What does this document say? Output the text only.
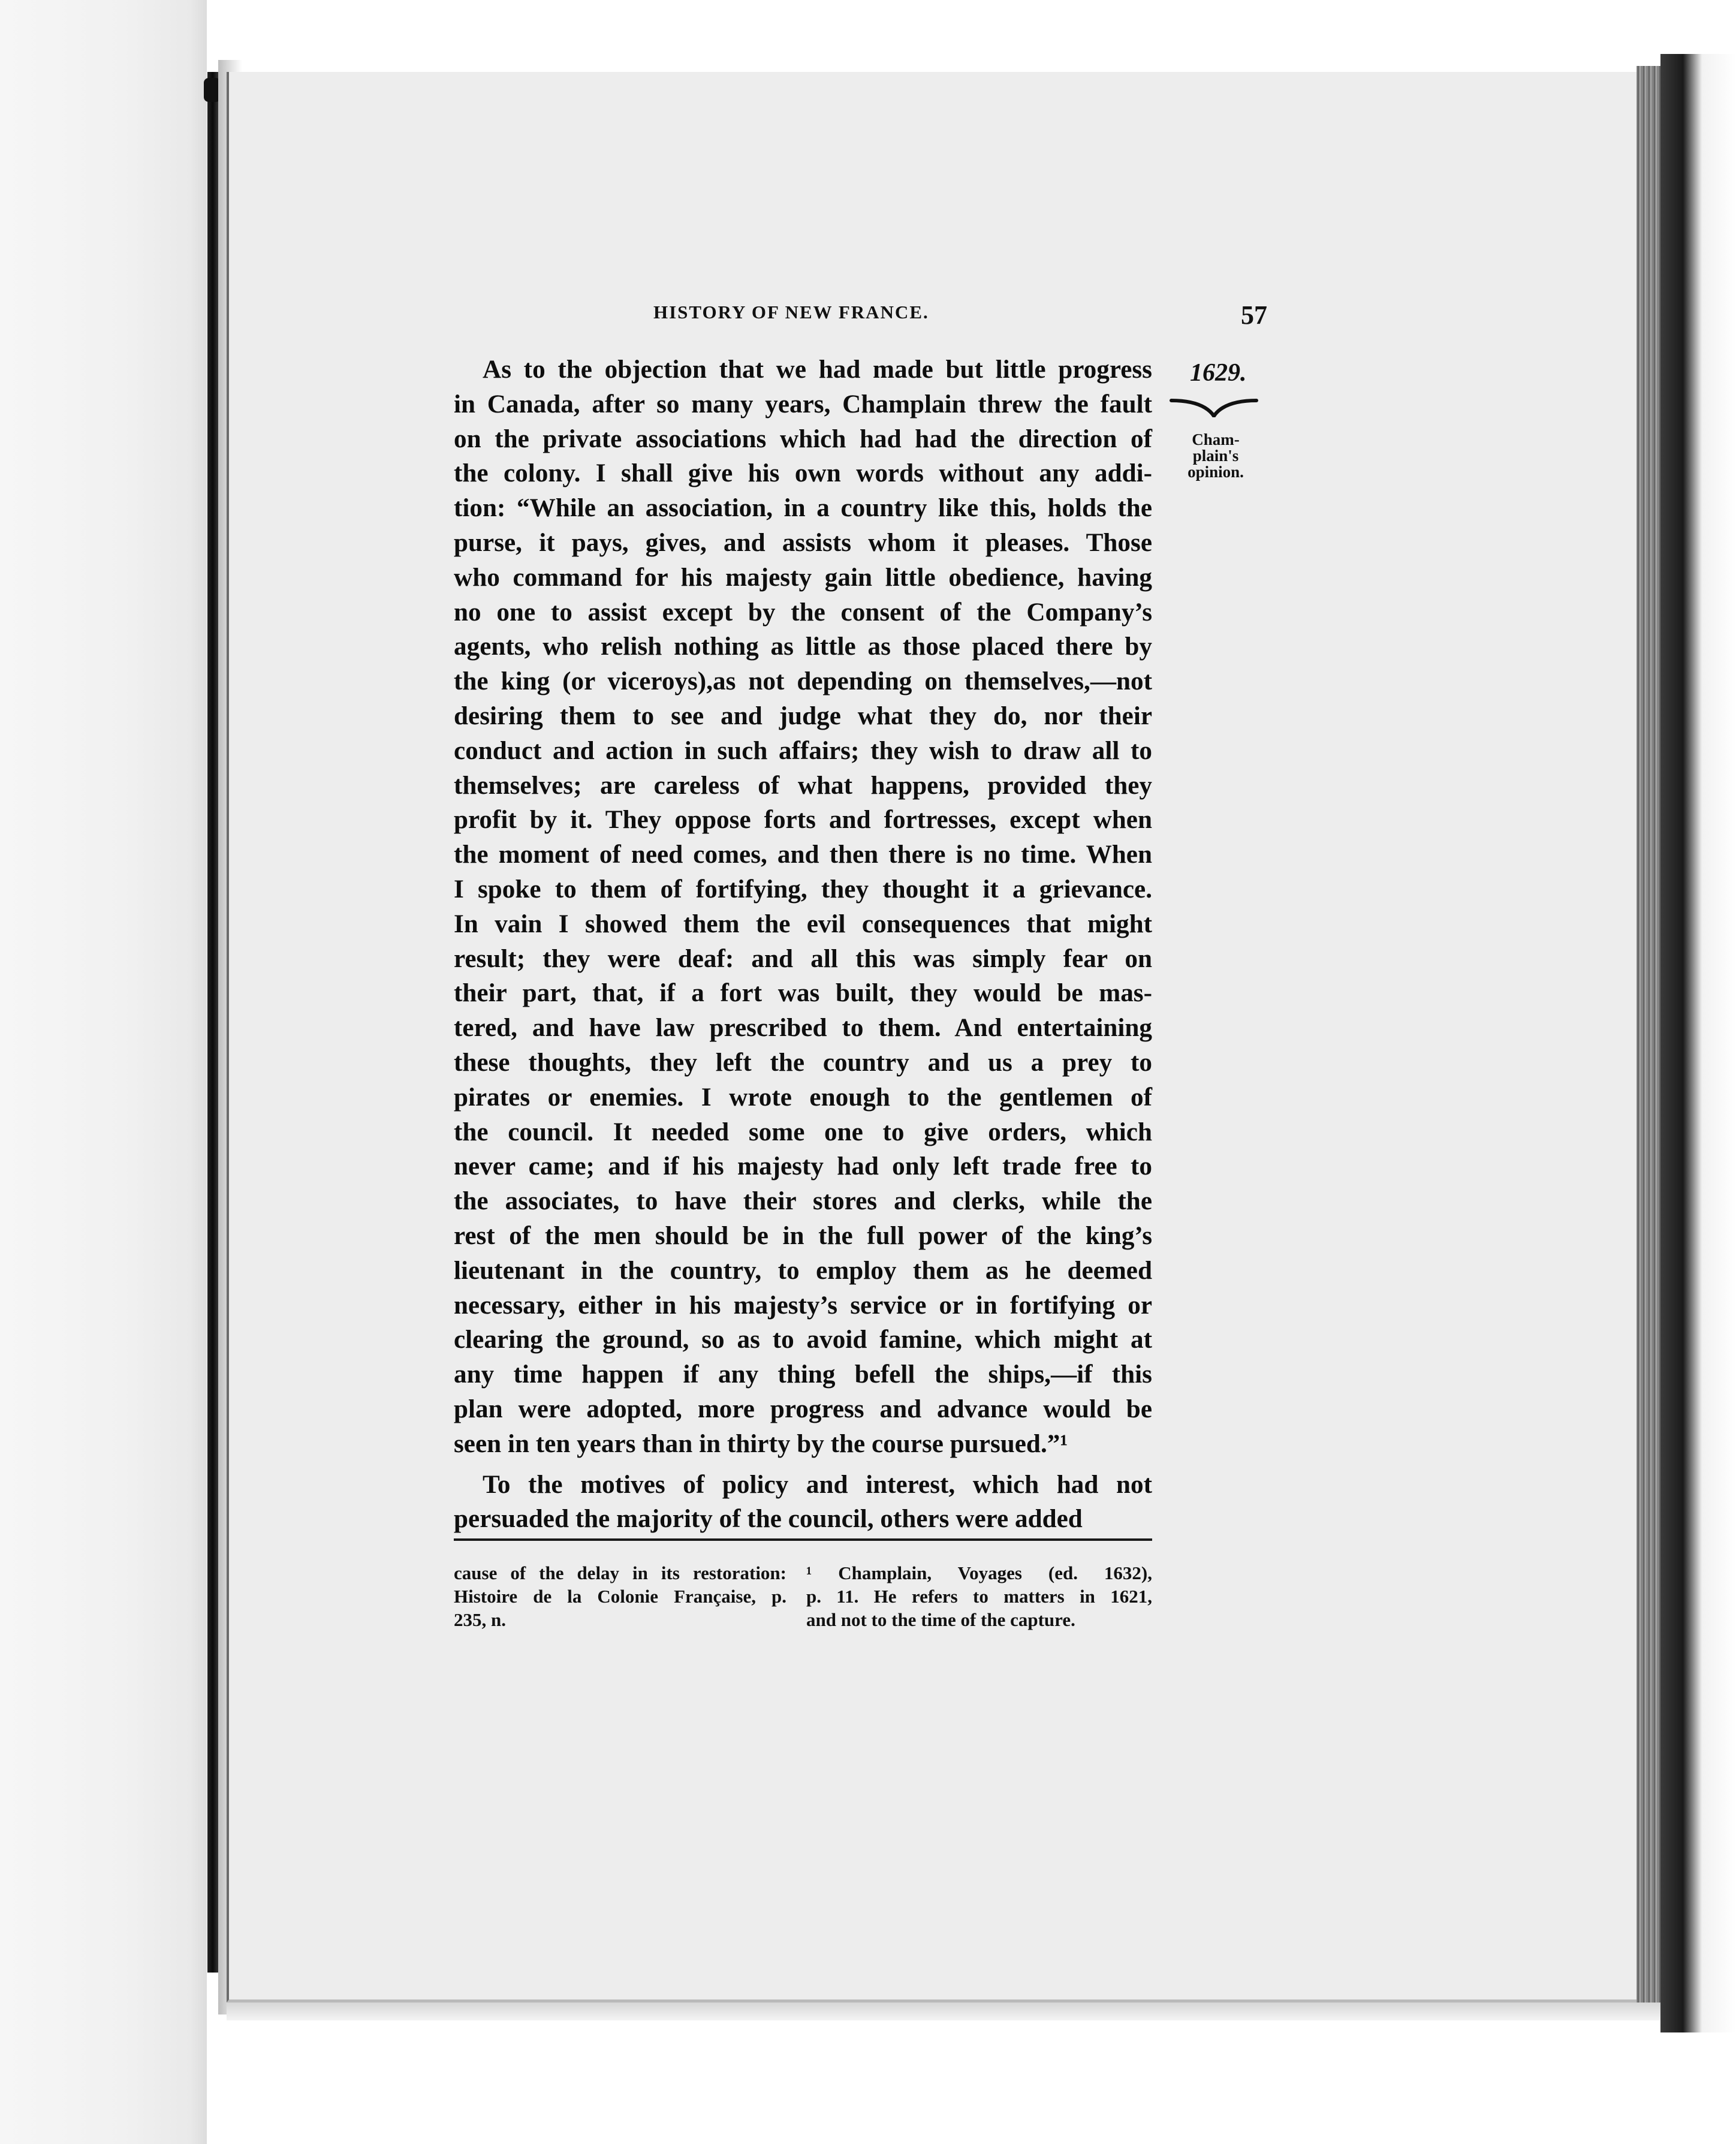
HISTORY OF NEW FRANCE.	57
1629.
Cham-
plain's
opinion.
As to the objection that we had made but little progress
in Canada, after so many years, Champlain threw the fault
on the private associations which had had the direction of
the colony. I shall give his own words without any addi-
tion: “While an association, in a country like this, holds the
purse, it pays, gives, and assists whom it pleases. Those
who command for his majesty gain little obedience, having
no one to assist except by the consent of the Company’s
agents, who relish nothing as little as those placed there by
the king (or viceroys),as not depending on themselves,—not
desiring them to see and judge what they do, nor their
conduct and action in such affairs; they wish to draw all to
themselves; are careless of what happens, provided they
profit by it. They oppose forts and fortresses, except when
the moment of need comes, and then there is no time. When
I spoke to them of fortifying, they thought it a grievance.
In vain I showed them the evil consequences that might
result; they were deaf: and all this was simply fear on
their part, that, if a fort was built, they would be mas-
tered, and have law prescribed to them. And entertaining
these thoughts, they left the country and us a prey to
pirates or enemies. I wrote enough to the gentlemen of
the council. It needed some one to give orders, which
never came; and if his majesty had only left trade free to
the associates, to have their stores and clerks, while the
rest of the men should be in the full power of the king’s
lieutenant in the country, to employ them as he deemed
necessary, either in his majesty’s service or in fortifying or
clearing the ground, so as to avoid famine, which might at
any time happen if any thing befell the ships,—if this
plan were adopted, more progress and advance would be
seen in ten years than in thirty by the course pursued.”¹
To the motives of policy and interest, which had not
persuaded the majority of the council, others were added
cause of the delay in its restoration:
Histoire de la Colonie Française, p.
235, n.
¹ Champlain, Voyages (ed. 1632),
p. 11. He refers to matters in 1621,
and not to the time of the capture.
